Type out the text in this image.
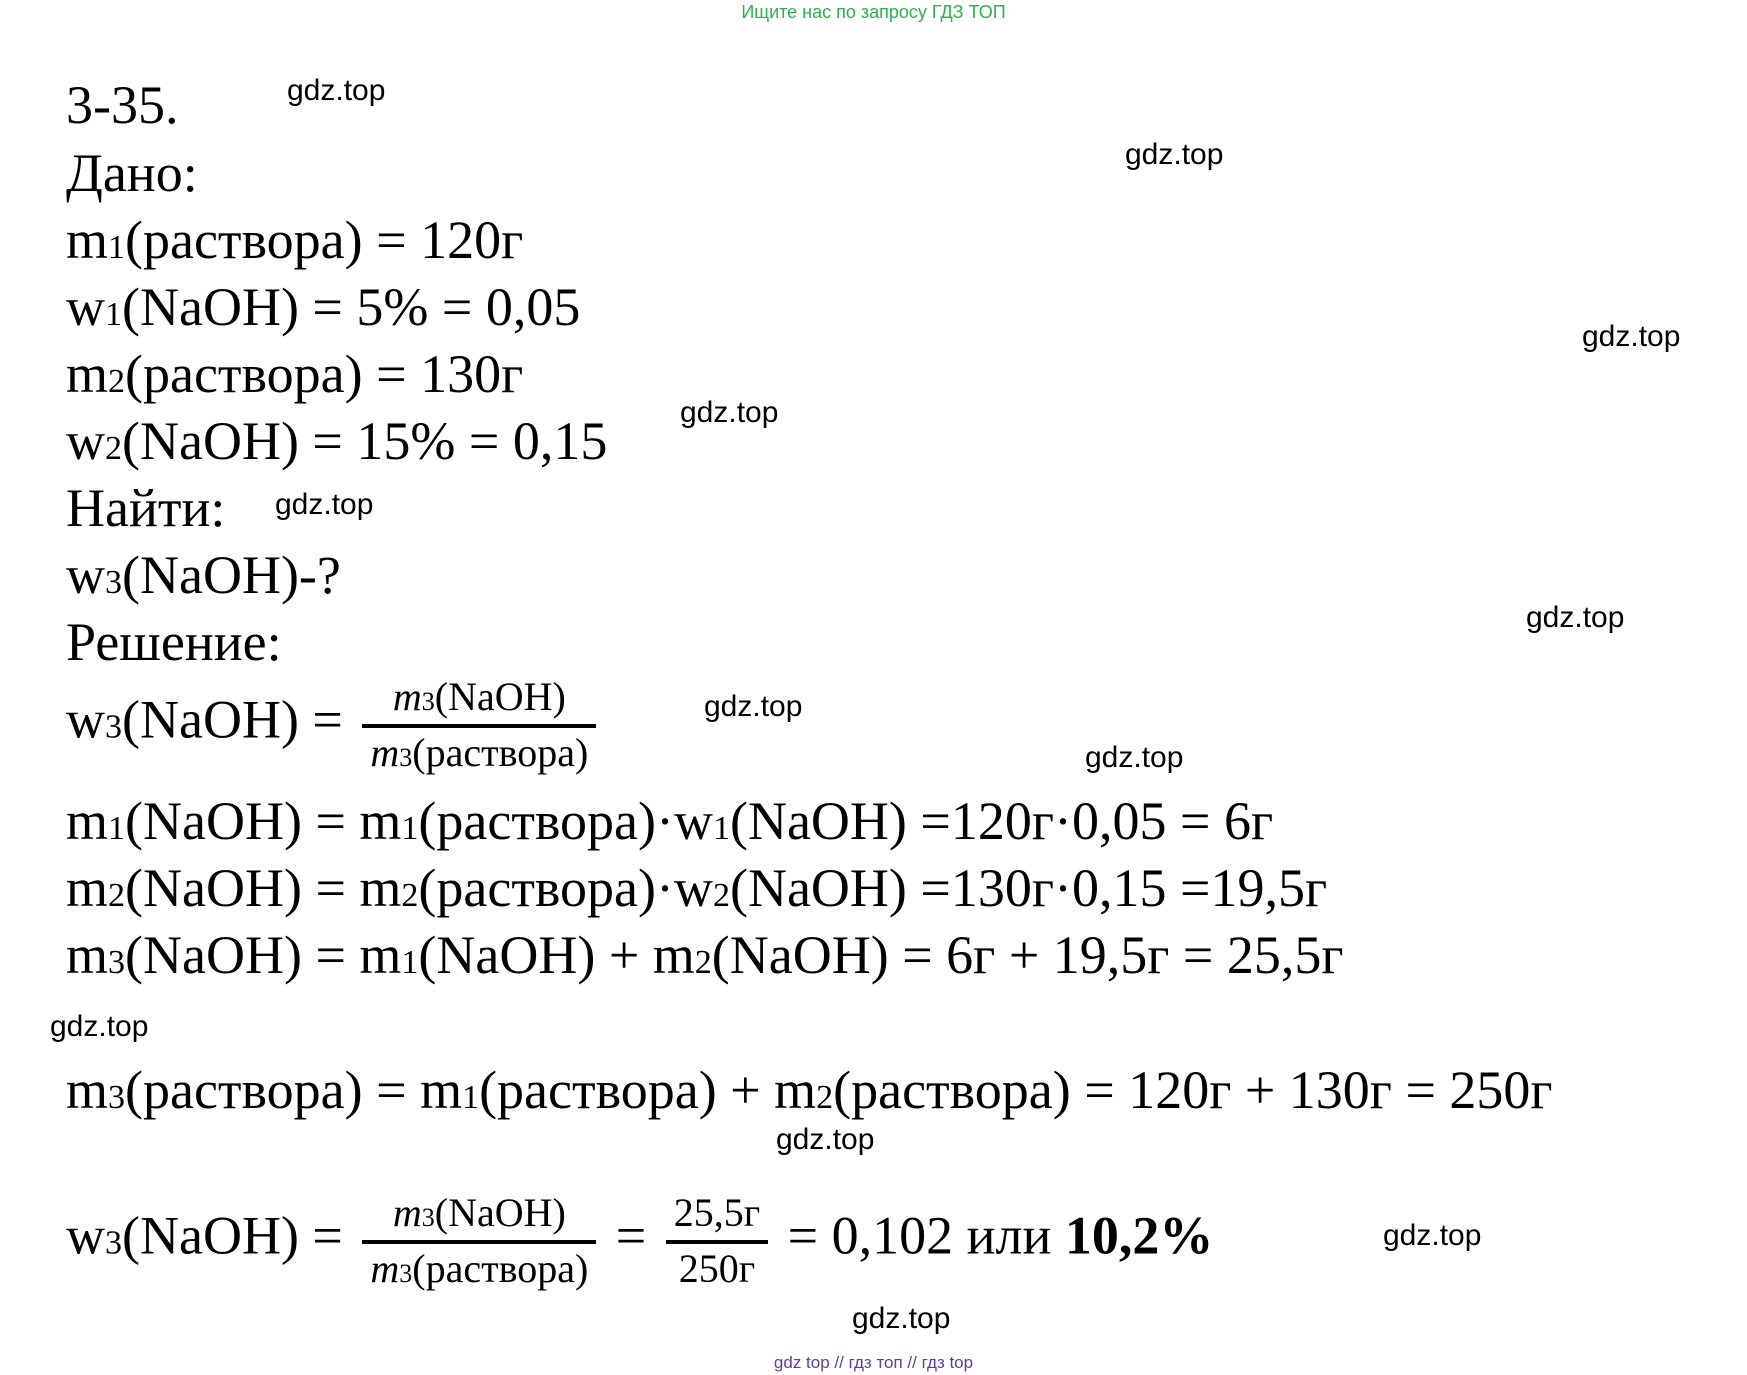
Ищите нас по запросу ГДЗ ТОП
gdz.top
gdz.top
gdz.top
gdz.top
gdz.top
gdz.top
gdz.top
gdz.top
gdz.top
gdz.top
gdz.top
gdz.top
3-35.
Дано:
m1(раствора) = 120г
w1(NaOH) = 5% = 0,05
m2(раствора) = 130г
w2(NaOH) = 15% = 0,15
Найти:
w3(NaOH)-?
Решение:
w3(NaOH) = $\frac{\text{m3(NaOH)}}{\text{m3(раствора)}}$
m1(NaOH) = m1(раствора)·w1(NaOH) =120г·0,05 = 6г
m2(NaOH) = m2(раствора)·w2(NaOH) =130г·0,15 =19,5г
m3(NaOH) = m1(NaOH) + m2(NaOH) = 6г + 19,5г = 25,5г
m3(раствора) = m1(раствора) + m2(раствора) = 120г + 130г = 250г
w3(NaOH) = $\frac{\text{m3(NaOH)}}{\text{m3(раствора)}} = \frac{25,5г}{250г} = 0,102$ или 10,2%
gdz top // гдз топ // гдз top
